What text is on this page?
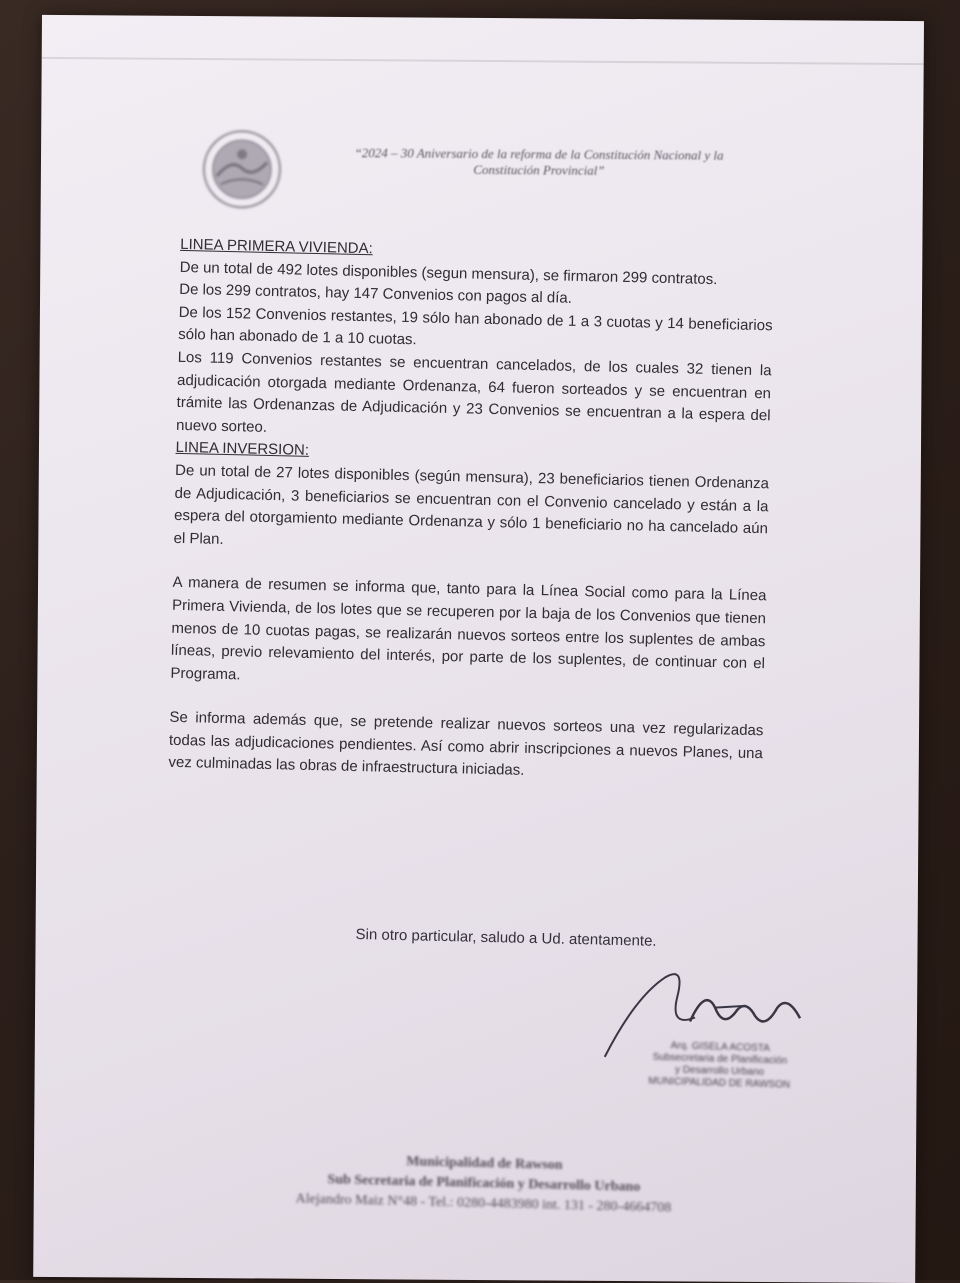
“2024 – 30 Aniversario de la reforma de la Constitución Nacional y la
Constitución Provincial”

LINEA PRIMERA VIVIENDA:

De un total de 492 lotes disponibles (segun mensura), se firmaron 299 contratos.

De los 299 contratos, hay 147 Convenios con pagos al día.

De los 152 Convenios restantes, 19 sólo han abonado de 1 a 3 cuotas y 14 beneficiarios sólo han abonado de 1 a 10 cuotas.

Los 119 Convenios restantes se encuentran cancelados, de los cuales 32 tienen la adjudicación otorgada mediante Ordenanza, 64 fueron sorteados y se encuentran en trámite las Ordenanzas de Adjudicación y 23 Convenios se encuentran a la espera del nuevo sorteo.

LINEA INVERSION:

De un total de 27 lotes disponibles (según mensura), 23 beneficiarios tienen Ordenanza de Adjudicación, 3 beneficiarios se encuentran con el Convenio cancelado y están a la espera del otorgamiento mediante Ordenanza y sólo 1 beneficiario no ha cancelado aún el Plan.

A manera de resumen se informa que, tanto para la Línea Social como para la Línea Primera Vivienda, de los lotes que se recuperen por la baja de los Convenios que tienen menos de 10 cuotas pagas, se realizarán nuevos sorteos entre los suplentes de ambas líneas, previo relevamiento del interés, por parte de los suplentes, de continuar con el Programa.

Se informa además que, se pretende realizar nuevos sorteos una vez regularizadas todas las adjudicaciones pendientes. Así como abrir inscripciones a nuevos Planes, una vez culminadas las obras de infraestructura iniciadas.

Sin otro particular, saludo a Ud. atentamente.
Arq. GISELA ACOSTA
Subsecretaria de Planificación
y Desarrollo Urbano
MUNICIPALIDAD DE RAWSON
Municipalidad de Rawson
Sub Secretaria de Planificación y Desarrollo Urbano
Alejandro Maiz N°48 - Tel.: 0280-4483980 int. 131 - 280-4664708
